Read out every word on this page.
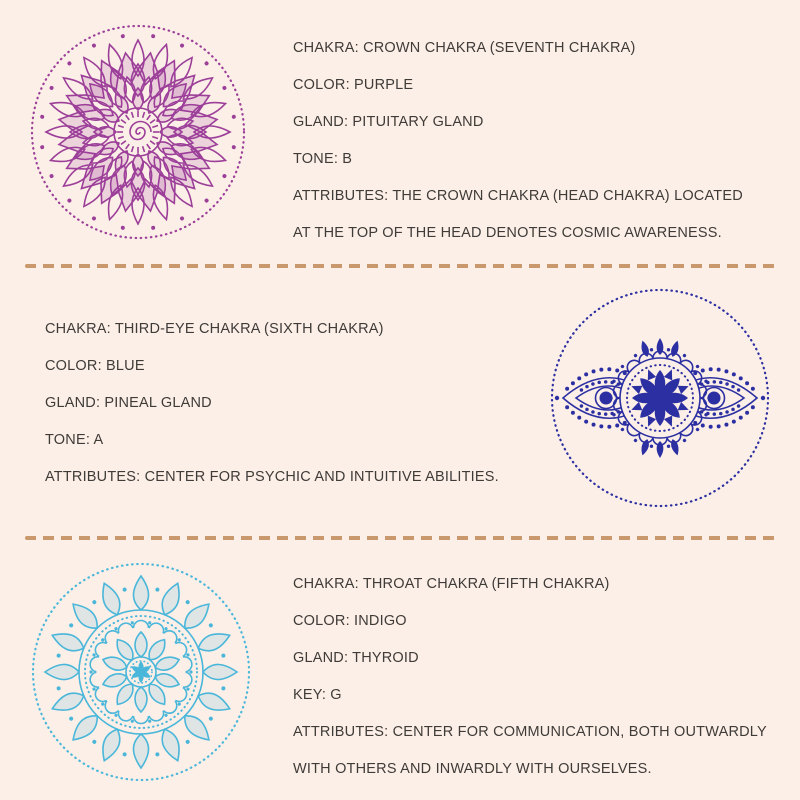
CHAKRA: CROWN CHAKRA (SEVENTH CHAKRA)
COLOR: PURPLE
GLAND: PITUITARY GLAND
TONE: B
ATTRIBUTES: THE CROWN CHAKRA (HEAD CHAKRA) LOCATED
AT THE TOP OF THE HEAD DENOTES COSMIC AWARENESS.
CHAKRA: THIRD-EYE CHAKRA (SIXTH CHAKRA)
COLOR: BLUE
GLAND: PINEAL GLAND
TONE: A
ATTRIBUTES: CENTER FOR PSYCHIC AND INTUITIVE ABILITIES.
CHAKRA: THROAT CHAKRA (FIFTH CHAKRA)
COLOR: INDIGO
GLAND: THYROID
KEY: G
ATTRIBUTES: CENTER FOR COMMUNICATION, BOTH OUTWARDLY
WITH OTHERS AND INWARDLY WITH OURSELVES.
